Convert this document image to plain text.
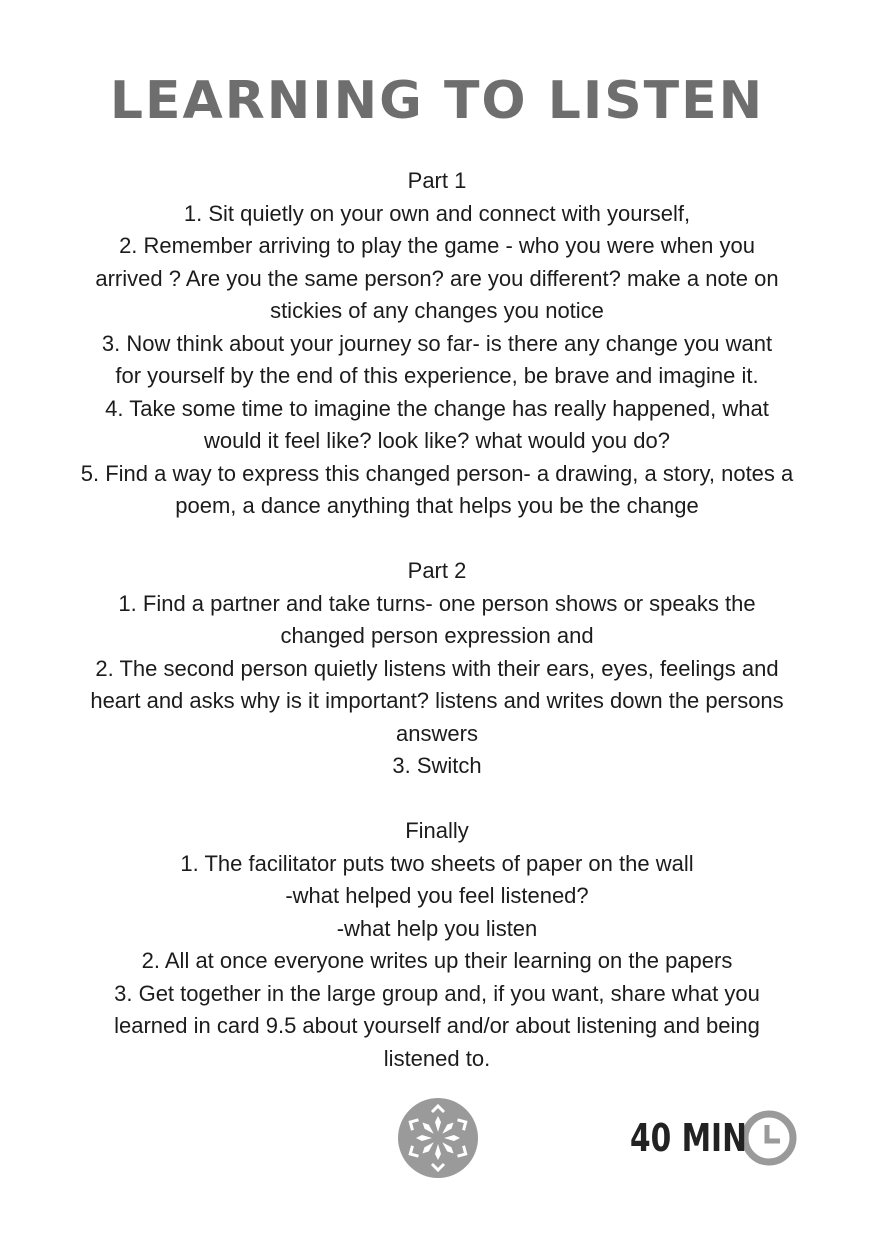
LEARNING TO LISTEN
Part 1
1. Sit quietly on your own and connect with yourself,
2. Remember arriving to play the game - who you were when you
arrived ? Are you the same person? are you different? make a note on
stickies of any changes you notice
3. Now think about your journey so far- is there any change you want
for yourself by the end of this experience, be brave and imagine it.
4. Take some time to imagine the change has really happened, what
would it feel like? look like? what would you do?
5. Find a way to express this changed person- a drawing, a story, notes a
poem, a dance anything that helps you be the change
Part 2
1. Find a partner and take turns- one person shows or speaks the
changed person expression and
2. The second person quietly listens with their ears, eyes, feelings and
heart and asks why is it important? listens and writes down the persons
answers
3. Switch
Finally
1. The facilitator puts two sheets of paper on the wall
-what helped you feel listened?
-what help you listen
2. All at once everyone writes up their learning on the papers
3. Get together in the large group and, if you want, share what you
learned in card 9.5 about yourself and/or about listening and being
listened to.
40 MIN
